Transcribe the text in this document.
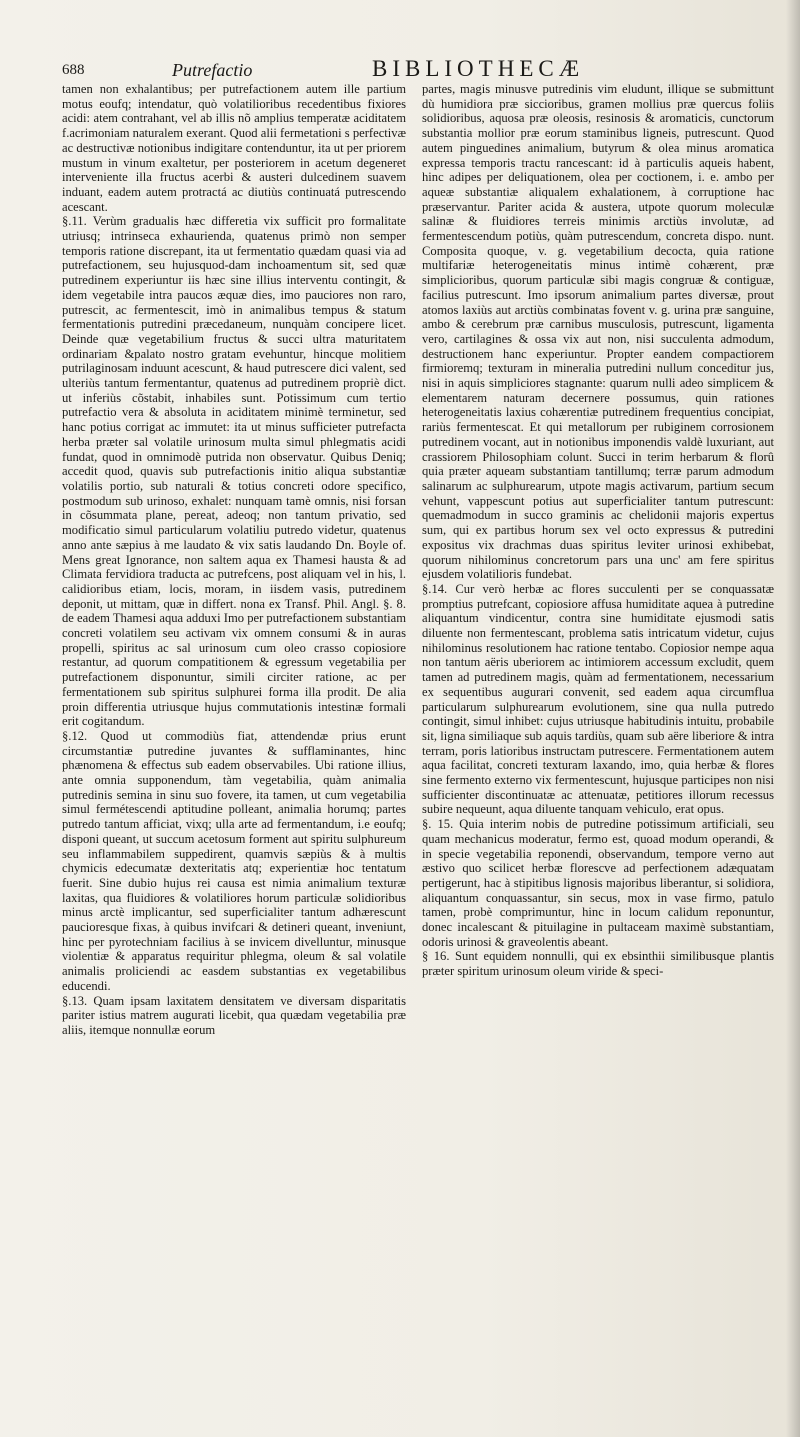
688	Putrefactio	BIBLIOTHECÆ

tamen non exhalantibus; per putrefactionem autem ille partium motus eoufq; intendatur, quò volatilioribus recedentibus fixiores acidi: atem contrahant, vel ab illis nõ amplius temperatæ aciditatem f.acrimoniam naturalem exerant. Quod alii fermetationi s perfectivæ ac destructivæ notionibus indigitare contenduntur, ita ut per priorem mustum in vinum exaltetur, per posteriorem in acetum degeneret interveniente illa fructus acerbi & austeri dulcedinem suavem induant, eadem autem protractá ac diutiùs continuatá putrescendo acescant.

§.11. Verùm gradualis hæc differetia vix sufficit pro formalitate utriusq; intrinseca exhaurienda, quatenus primò non semper temporis ratione discrepant, ita ut fermentatio quædam quasi via ad putrefactionem, seu hujusquod-dam inchoamentum sit, sed quæ putredinem experiuntur iis hæc sine illius interventu contingit, & idem vegetabile intra paucos æquæ dies, imo pauciores non raro, putrescit, ac fermentescit, imò in animalibus tempus & statum fermentationis putredini præcedaneum, nunquàm concipere licet. Deinde quæ vegetabilium fructus & succi ultra maturitatem ordinariam &palato nostro gratam evehuntur, hincque molitiem putrilaginosam induunt acescunt, & haud putrescere dici valent, sed ulteriùs tantum fermentantur, quatenus ad putredinem propriè dict. ut inferiùs cõstabit, inhabiles sunt. Potissimum cum tertio putrefactio vera & absoluta in aciditatem minimè terminetur, sed hanc potius corrigat ac immutet: ita ut minus sufficieter putrefacta herba præter sal volatile urinosum multa simul phlegmatis acidi fundat, quod in omnimodè putrida non observatur. Quibus Deniq; accedit quod, quavis sub putrefactionis initio aliqua substantiæ volatilis portio, sub naturali & totius concreti odore specifico, postmodum sub urinoso, exhalet: nunquam tamè omnis, nisi forsan in cõsummata plane, pereat, adeoq; non tantum privatio, sed modificatio simul particularum volatiliu putredo videtur, quatenus anno ante sæpius à me laudato & vix satis laudando Dn. Boyle of. Mens great Ignorance, non saltem aqua ex Thamesi hausta & ad Climata fervidiora traducta ac putrefcens, post aliquam vel in his, l. calidioribus etiam, locis, moram, in iisdem vasis, putredinem deponit, ut mittam, quæ in differt. nona ex Transf. Phil. Angl. §. 8. de eadem Thamesi aqua adduxi Imo per putrefactionem substantiam concreti volatilem seu activam vix omnem consumi & in auras propelli, spiritus ac sal urinosum cum oleo crasso copiosiore restantur, ad quorum compatitionem & egressum vegetabilia per putrefactionem disponuntur, simili circiter ratione, ac per fermentationem sub spiritus sulphurei forma illa prodit. De alia proin differentia utriusque hujus commutationis intestinæ formali erit cogitandum.

§.12. Quod ut commodiùs fiat, attendendæ prius erunt circumstantiæ putredine juvantes & sufflaminantes, hinc phænomena & effectus sub eadem observabiles. Ubi ratione illius, ante omnia supponendum, tàm vegetabilia, quàm animalia putredinis semina in sinu suo fovere, ita tamen, ut cum vegetabilia simul fermétescendi aptitudine polleant, animalia horumq; partes putredo tantum afficiat, vixq; ulla arte ad fermentandum, i.e eoufq; disponi queant, ut succum acetosum forment aut spiritu sulphureum seu inflammabilem suppedirent, quamvis sæpiùs & à multis chymicis edecumatæ dexteritatis atq; experientiæ hoc tentatum fuerit. Sine dubio hujus rei causa est nimia animalium texturæ laxitas, qua fluidiores & volatiliores horum particulæ solidioribus minus arctè implicantur, sed superficialiter tantum adhærescunt paucioresque fixas, à quibus invifcari & detineri queant, inveniunt, hinc per pyrotechniam facilius à se invicem divelluntur, minusque violentiæ & apparatus requiritur phlegma, oleum & sal volatile animalis proliciendi ac easdem substantias ex vegetabilibus educendi.

§.13. Quam ipsam laxitatem densitatem ve diversam disparitatis pariter istius matrem augurati licebit, qua quædam vegetabilia præ aliis, itemque nonnullæ eorum

partes, magis minusve putredinis vim eludunt, illique se submittunt dù humidiora præ siccioribus, gramen mollius præ quercus foliis solidioribus, aquosa præ oleosis, resinosis & aromaticis, cunctorum substantia mollior præ eorum staminibus ligneis, putrescunt. Quod autem pinguedines animalium, butyrum & olea minus aromatica expressa temporis tractu rancescant: id à particulis aqueis habent, hinc adipes per deliquationem, olea per coctionem, i. e. ambo per aqueæ substantiæ aliqualem exhalationem, à corruptione hac præservantur. Pariter acida & austera, utpote quorum moleculæ salinæ & fluidiores terreis minimis arctiùs involutæ, ad fermentescendum potiùs, quàm putrescendum, concreta dispo. nunt. Composita quoque, v. g. vegetabilium decocta, quia ratione multifariæ heterogeneitatis minus intimè cohærent, præ simplicioribus, quorum particulæ sibi magis congruæ & contiguæ, facilius putrescunt. Imo ipsorum animalium partes diversæ, prout atomos laxiùs aut arctiùs combinatas fovent v. g. urina præ sanguine, ambo & cerebrum præ carnibus musculosis, putrescunt, ligamenta vero, cartilagines & ossa vix aut non, nisi succulenta admodum, destructionem hanc experiuntur. Propter eandem compactiorem firmioremq; texturam in mineralia putredini nullum conceditur jus, nisi in aquis simpliciores stagnante: quarum nulli adeo simplicem & elementarem naturam decernere possumus, quin rationes heterogeneitatis laxius cohærentiæ putredinem frequentius concipiat, rariùs fermentescat. Et qui metallorum per rubiginem corrosionem putredinem vocant, aut in notionibus imponendis valdè luxuriant, aut crassiorem Philosophiam colunt. Succi in terim herbarum & florû quia præter aqueam substantiam tantillumq; terræ parum admodum salinarum ac sulphurearum, utpote magis activarum, partium secum vehunt, vappescunt potius aut superficialiter tantum putrescunt: quemadmodum in succo graminis ac chelidonii majoris expertus sum, qui ex partibus horum sex vel octo expressus & putredini expositus vix drachmas duas spiritus leviter urinosi exhibebat, quorum nihilominus concretorum pars una unc' am fere spiritus ejusdem volatilioris fundebat.

§.14. Cur verò herbæ ac flores succulenti per se conquassatæ promptius putrefcant, copiosiore affusa humiditate aquea à putredine aliquantum vindicentur, contra sine humiditate ejusmodi satis diluente non fermentescant, problema satis intricatum videtur, cujus nihilominus resolutionem hac ratione tentabo. Copiosior nempe aqua non tantum aëris uberiorem ac intimiorem accessum excludit, quem tamen ad putredinem magis, quàm ad fermentationem, necessarium ex sequentibus augurari convenit, sed eadem aqua circumflua particularum sulphurearum evolutionem, sine qua nulla putredo contingit, simul inhibet: cujus utriusque habitudinis intuitu, probabile sit, ligna similiaque sub aquis tardiùs, quam sub aëre liberiore & intra terram, poris latioribus instructam putrescere. Fermentationem autem aqua facilitat, concreti texturam laxando, imo, quia herbæ & flores sine fermento externo vix fermentescunt, hujusque participes non nisi sufficienter discontinuatæ ac attenuatæ, petitiores illorum recessus subire nequeunt, aqua diluente tanquam vehiculo, erat opus.

§. 15. Quia interim nobis de putredine potissimum artificiali, seu quam mechanicus moderatur, fermo est, quoad modum operandi, & in specie vegetabilia reponendi, observandum, tempore verno aut æstivo quo scilicet herbæ florescve ad perfectionem adæquatam pertigerunt, hac à stipitibus lignosis majoribus liberantur, si solidiora, aliquantum conquassantur, sin secus, mox in vase firmo, patulo tamen, probè comprimuntur, hinc in locum calidum reponuntur, donec incalescant & pituilagine in pultaceam maximè substantiam, odoris urinosi & graveolentis abeant.

§ 16. Sunt equidem nonnulli, qui ex ebsinthii similibusque plantis præter spiritum urinosum oleum viride & speci-
